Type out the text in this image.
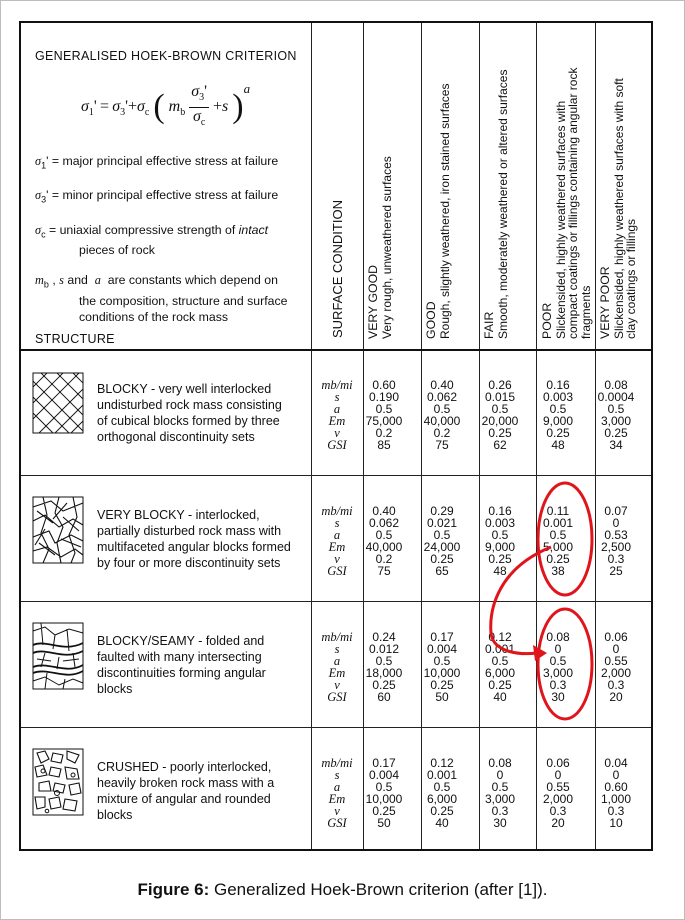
GENERALISED HOEK-BROWN CRITERION
$\sigma_1' = \sigma_3'+\sigma_c$ ( $m_b \frac{\sigma_3'}{\sigma_c} +s$ )$^a$
$\sigma_1'$ = major principal effective stress at failure
$\sigma_3'$ = minor principal effective stress at failure
$\sigma_c$ = uniaxial compressive strength of intact
pieces of rock
$m_b$ , s and  a  are constants which depend on
the composition, structure and surface
conditions of the rock mass
STRUCTURE
SURFACE CONDITION VERY GOOD Very rough, unweathered surfaces GOOD Rough, slightly weathered, iron stained surfaces FAIR Smooth, moderately weathered or altered surfaces POOR Slickensided, highly weathered surfaces with compact coatings or fillings containing angular rock fragments VERY POOR Slickensided, highly weathered surfaces with soft clay coatings or fillings
BLOCKY - very well interlocked undisturbed rock mass consisting of cubical blocks formed by three orthogonal discontinuity sets
mb/mi
s
a
Em
ν
GSI
0.60
0.190
0.5
75,000
0.2
85
0.40
0.062
0.5
40,000
0.2
75
0.26
0.015
0.5
20,000
0.25
62
0.16
0.003
0.5
9,000
0.25
48
0.08
0.0004
0.5
3,000
0.25
34
VERY BLOCKY - interlocked, partially disturbed rock mass with multifaceted angular blocks formed by four or more discontinuity sets
mb/mi
s
a
Em
ν
GSI
0.40
0.062
0.5
40,000
0.2
75
0.29
0.021
0.5
24,000
0.25
65
0.16
0.003
0.5
9,000
0.25
48
0.11
0.001
0.5
5,000
0.25
38
0.07
0
0.53
2,500
0.3
25
BLOCKY/SEAMY - folded and faulted with many intersecting discontinuities forming angular blocks
mb/mi
s
a
Em
ν
GSI
0.24
0.012
0.5
18,000
0.25
60
0.17
0.004
0.5
10,000
0.25
50
0.12
0.001
0.5
6,000
0.25
40
0.08
0
0.5
3,000
0.3
30
0.06
0
0.55
2,000
0.3
20
CRUSHED - poorly interlocked, heavily broken rock mass with a mixture of angular and rounded blocks
mb/mi
s
a
Em
ν
GSI
0.17
0.004
0.5
10,000
0.25
50
0.12
0.001
0.5
6,000
0.25
40
0.08
0
0.5
3,000
0.3
30
0.06
0
0.55
2,000
0.3
20
0.04
0
0.60
1,000
0.3
10
Figure 6: Generalized Hoek-Brown criterion (after [1]).
